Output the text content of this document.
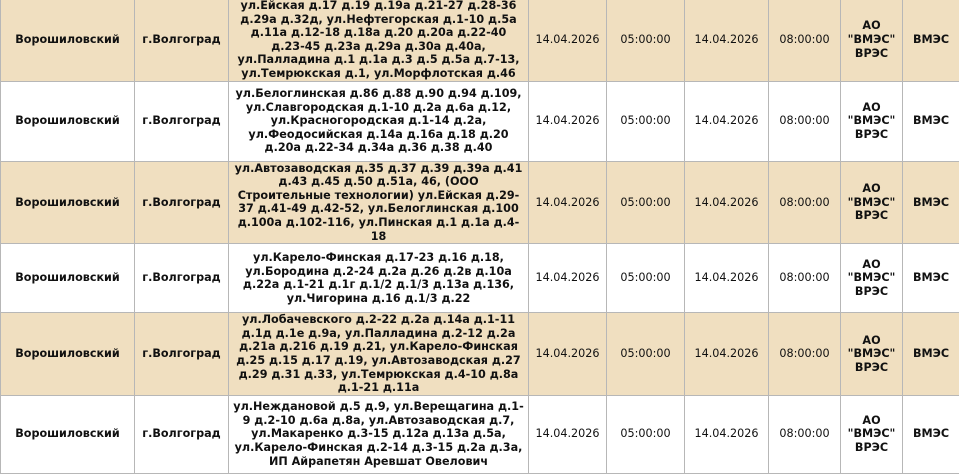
Ворошиловский	г.Волгоград	ул.Ейская д.17 д.19 д.19а д.21-27 д.28-36 д.29а д.32д, ул.Нефтегорская д.1-10 д.5а д.11а д.12-18 д.18а д.20 д.20а д.22-40 д.23-45 д.23а д.29а д.30а д.40а, ул.Палладина д.1 д.1а д.3 д.5 д.5а д.7-13, ул.Темрюкская д.1, ул.Морфлотская д.46	14.04.2026	05:00:00	14.04.2026	08:00:00	АО "ВМЭС" ВРЭС	ВМЭС
Ворошиловский	г.Волгоград	ул.Белоглинская д.86 д.88 д.90 д.94 д.109, ул.Славгородская д.1-10 д.2а д.6а д.12, ул.Красногородская д.1-14 д.2а, ул.Феодосийская д.14а д.16а д.18 д.20 д.20а д.22-34 д.34а д.36 д.38 д.40	14.04.2026	05:00:00	14.04.2026	08:00:00	АО "ВМЭС" ВРЭС	ВМЭС
Ворошиловский	г.Волгоград	ул.Автозаводская д.35 д.37 д.39 д.39а д.41 д.43 д.45 д.50 д.51а, 46, (ООО Строительные технологии) ул.Ейская д.29-37 д.41-49 д.42-52, ул.Белоглинская д.100 д.100а д.102-116, ул.Пинская д.1 д.1а д.4-18	14.04.2026	05:00:00	14.04.2026	08:00:00	АО "ВМЭС" ВРЭС	ВМЭС
Ворошиловский	г.Волгоград	ул.Карело-Финская д.17-23 д.16 д.18, ул.Бородина д.2-24 д.2а д.26 д.2в д.10а д.22а д.1-21 д.1г д.1/2 д.1/3 д.13а д.136, ул.Чигорина д.16 д.1/3 д.22	14.04.2026	05:00:00	14.04.2026	08:00:00	АО "ВМЭС" ВРЭС	ВМЭС
Ворошиловский	г.Волгоград	ул.Лобачевского д.2-22 д.2а д.14а д.1-11 д.1д д.1е д.9а, ул.Палладина д.2-12 д.2а д.21а д.216 д.19 д.21, ул.Карело-Финская д.25 д.15 д.17 д.19, ул.Автозаводская д.27 д.29 д.31 д.33, ул.Темрюкская д.4-10 д.8а д.1-21 д.11а	14.04.2026	05:00:00	14.04.2026	08:00:00	АО "ВМЭС" ВРЭС	ВМЭС
Ворошиловский	г.Волгоград	ул.Неждановой д.5 д.9, ул.Верещагина д.1-9 д.2-10 д.6а д.8а, ул.Автозаводская д.7, ул.Макаренко д.3-15 д.12а д.13а д.5а, ул.Карело-Финская д.2-14 д.3-15 д.2а д.3а, ИП Айрапетян Аревшат Овелович	14.04.2026	05:00:00	14.04.2026	08:00:00	АО "ВМЭС" ВРЭС	ВМЭС
